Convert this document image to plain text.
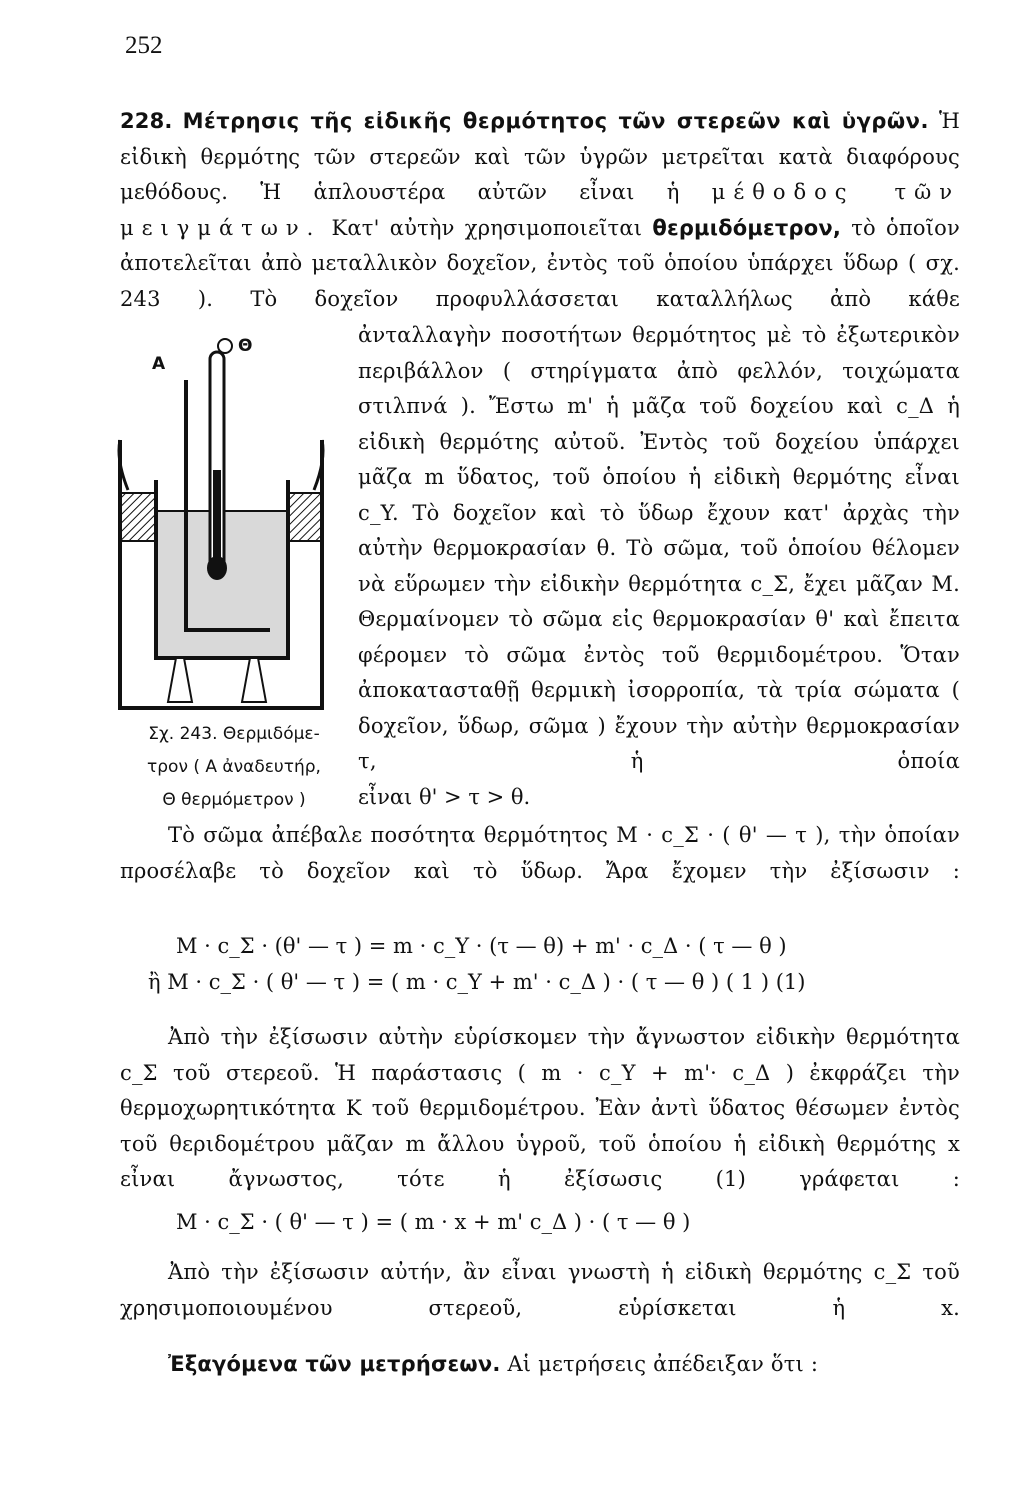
252

228. Μέτρησις τῆς εἰδικῆς θερμότητος τῶν στερεῶν καὶ ὑγρῶν. Ἡ εἰδικὴ θερμότης τῶν στερεῶν καὶ τῶν ὑγρῶν μετρεῖται κατὰ διαφόρους μεθόδους. Ἡ ἁπλουστέρα αὐτῶν εἶναι ἡ μέθοδος τῶν μειγμάτων. Κατ' αὐτὴν χρησιμοποιεῖται θερμιδόμετρον, τὸ ὁποῖον ἀποτελεῖται ἀπὸ μεταλλικὸν δοχεῖον, ἐντὸς τοῦ ὁποίου ὑπάρχει ὕδωρ ( σχ. 243 ). Τὸ δοχεῖον προφυλλάσσεται καταλλήλως ἀπὸ κάθε

Α
Θ
Σχ. 243. Θερμιδόμε-
τρον ( Α ἀναδευτήρ,
Θ θερμόμετρον )

ἀνταλλαγὴν ποσοτήτων θερμότητος μὲ τὸ ἐξωτερικὸν περιβάλλον ( στηρίγματα ἀπὸ φελλόν, τοιχώματα στιλπνά ). Ἔστω m' ἡ μᾶζα τοῦ δοχείου καὶ c_Δ ἡ εἰδικὴ θερμότης αὐτοῦ. Ἐντὸς τοῦ δοχείου ὑπάρχει μᾶζα m ὕδατος, τοῦ ὁποίου ἡ εἰδικὴ θερμότης εἶναι c_Y. Τὸ δοχεῖον καὶ τὸ ὕδωρ ἔχουν κατ' ἀρχὰς τὴν αὐτὴν θερμοκρασίαν θ. Τὸ σῶμα, τοῦ ὁποίου θέλομεν νὰ εὕρωμεν τὴν εἰδικὴν θερμότητα c_Σ, ἔχει μᾶζαν Μ. Θερμαίνομεν τὸ σῶμα εἰς θερμοκρασίαν θ' καὶ ἔπειτα φέρομεν τὸ σῶμα ἐντὸς τοῦ θερμιδομέτρου. Ὅταν ἀποκατασταθῇ θερμικὴ ἰσορροπία, τὰ τρία σώματα ( δοχεῖον, ὕδωρ, σῶμα ) ἔχουν τὴν αὐτὴν θερμοκρασίαν τ, ἡ ὁποία

εἶναι θ' > τ > θ.

Τὸ σῶμα ἀπέβαλε ποσότητα θερμότητος Μ · c_Σ · ( θ' — τ ), τὴν ὁποίαν προσέλαβε τὸ δοχεῖον καὶ τὸ ὕδωρ. Ἄρα ἔχομεν τὴν ἐξίσωσιν :

Μ · c_Σ · (θ' — τ ) = m · c_Y · (τ — θ) + m' · c_Δ · ( τ — θ )
ἢ Μ · c_Σ · ( θ' — τ ) = ( m · c_Y + m' · c_Δ ) · ( τ — θ ) ( 1 ) (1)

Ἀπὸ τὴν ἐξίσωσιν αὐτὴν εὑρίσκομεν τὴν ἄγνωστον εἰδικὴν θερμότητα c_Σ τοῦ στερεοῦ. Ἡ παράστασις ( m · c_Y + m'· c_Δ ) ἐκφράζει τὴν θερμοχωρητικότητα Κ τοῦ θερμιδομέτρου. Ἐὰν ἀντὶ ὕδατος θέσωμεν ἐντὸς τοῦ θεριδομέτρου μᾶζαν m ἄλλου ὑγροῦ, τοῦ ὁποίου ἡ εἰδικὴ θερμότης x εἶναι ἄγνωστος, τότε ἡ ἐξίσωσις (1) γράφεται :

Μ · c_Σ · ( θ' — τ ) = ( m · x + m' c_Δ ) · ( τ — θ )

Ἀπὸ τὴν ἐξίσωσιν αὐτήν, ἂν εἶναι γνωστὴ ἡ εἰδικὴ θερμότης c_Σ τοῦ χρησιμοποιουμένου στερεοῦ, εὑρίσκεται ἡ x.

Ἐξαγόμενα τῶν μετρήσεων. Αἱ μετρήσεις ἀπέδειξαν ὅτι :
